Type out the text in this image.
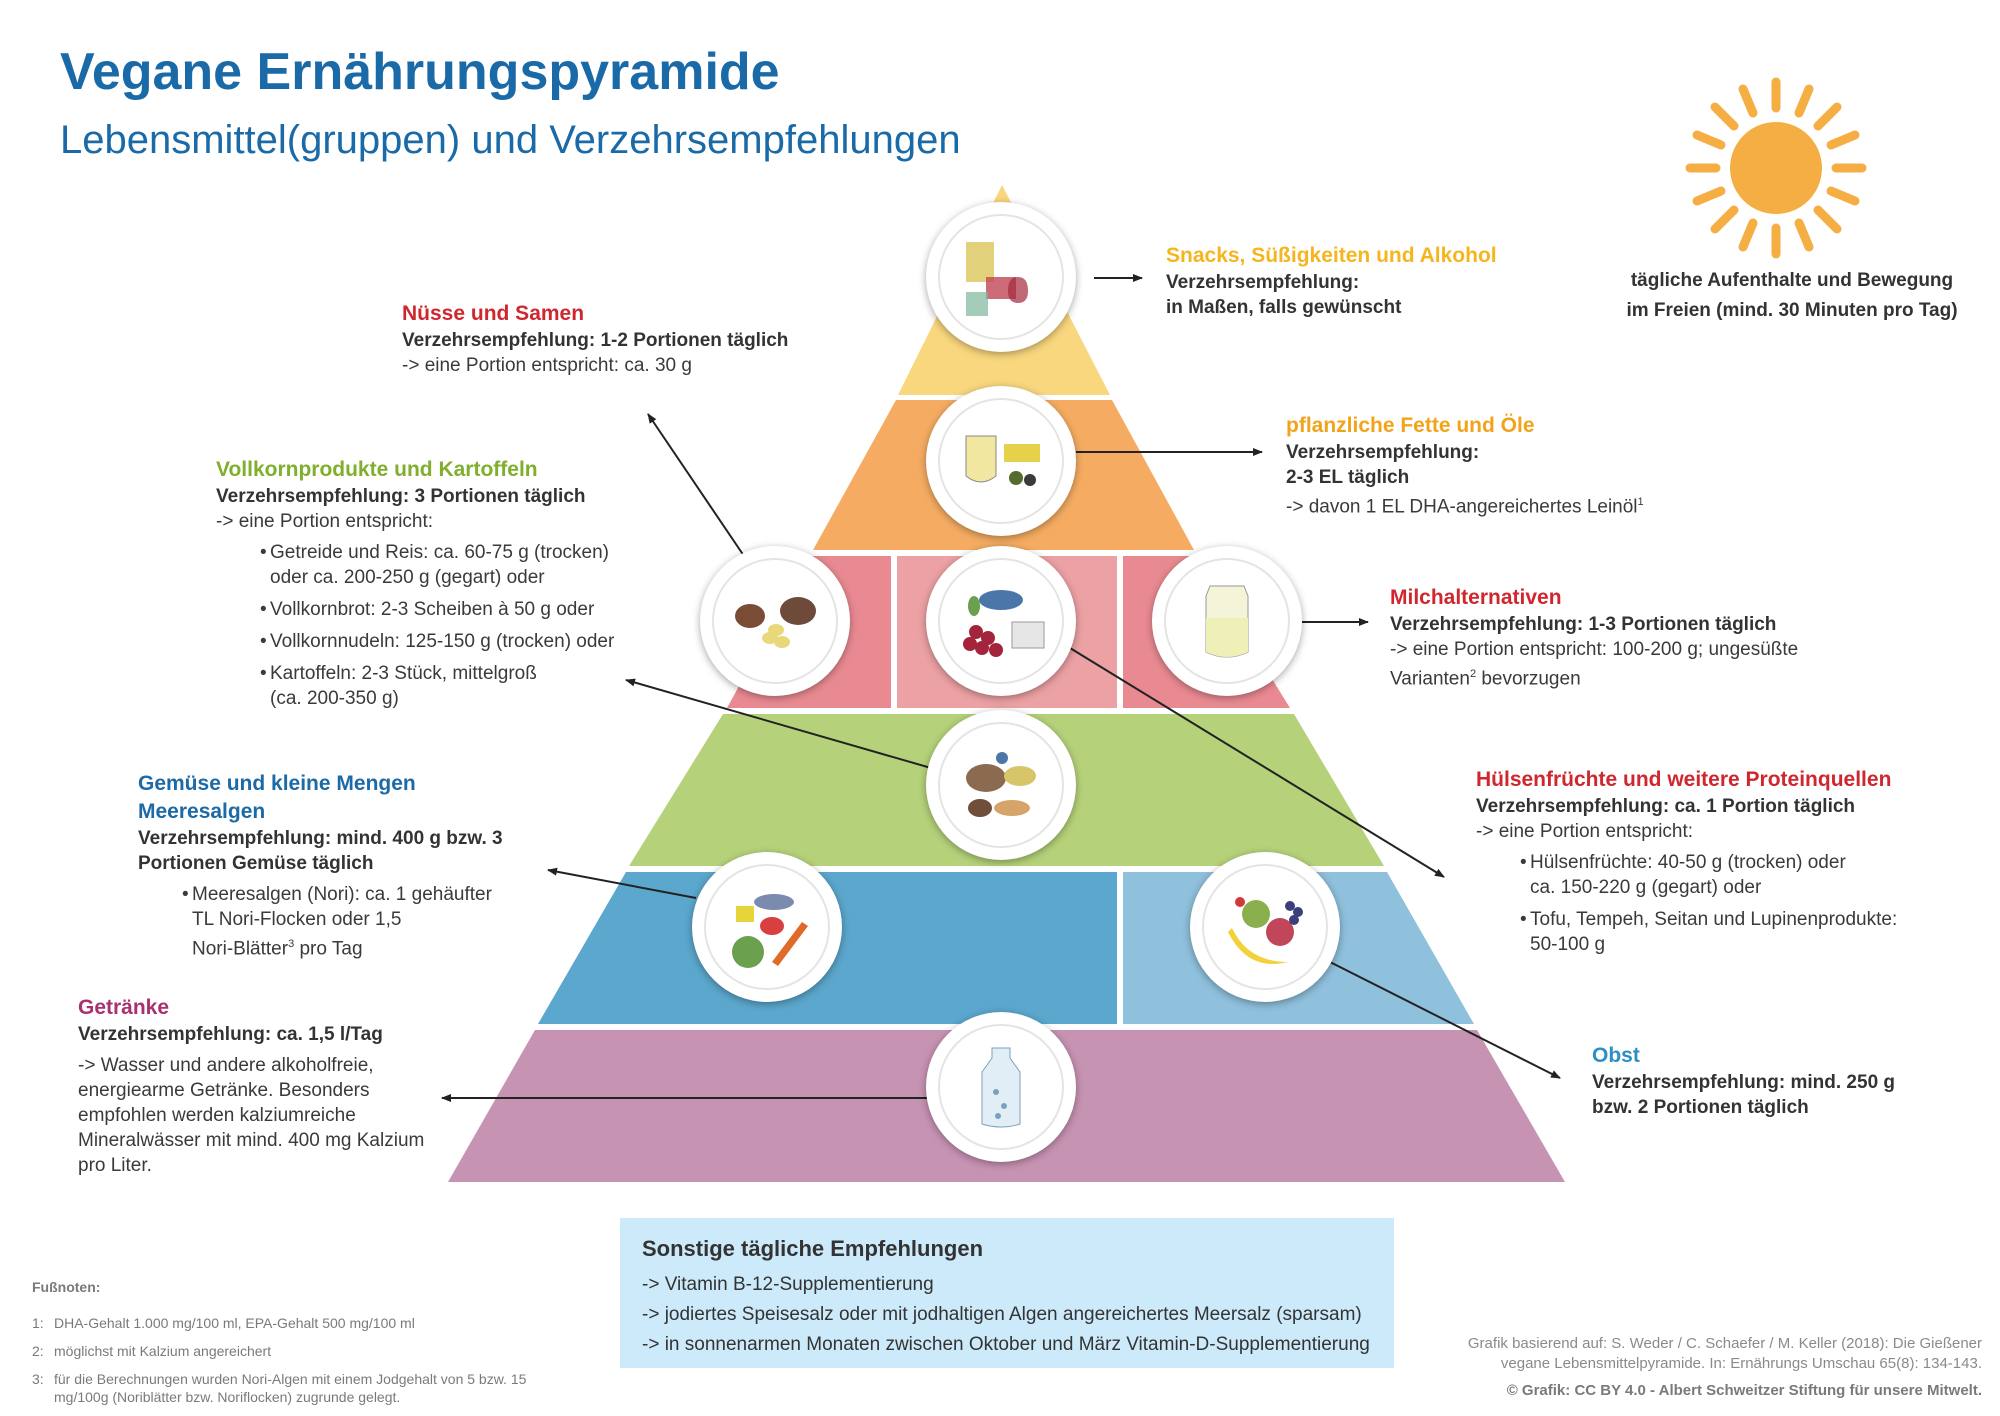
Vegane Ernährungspyramide
Lebensmittel(gruppen) und Verzehrsempfehlungen
tägliche Aufenthalte und Bewegung
im Freien (mind. 30 Minuten pro Tag)
Snacks, Süßigkeiten und Alkohol
Verzehrsempfehlung:
in Maßen, falls gewünscht
Nüsse und Samen
Verzehrsempfehlung: 1-2 Portionen täglich
-> eine Portion entspricht: ca. 30 g
pflanzliche Fette und Öle
Verzehrsempfehlung:
2-3 EL täglich
-> davon 1 EL DHA-angereichertes Leinöl$^1$
Vollkornprodukte und Kartoffeln
Verzehrsempfehlung: 3 Portionen täglich
-> eine Portion entspricht:
• Getreide und Reis: ca. 60-75 g (trocken)
oder ca. 200-250 g (gegart) oder
• Vollkornbrot: 2-3 Scheiben à 50 g oder
• Vollkornnudeln: 125-150 g (trocken) oder
• Kartoffeln: 2-3 Stück, mittelgroß
(ca. 200-350 g)
Milchalternativen
Verzehrsempfehlung: 1-3 Portionen täglich
-> eine Portion entspricht: 100-200 g; ungesüßte
Varianten$^2$ bevorzugen
Gemüse und kleine Mengen
Meeresalgen
Verzehrsempfehlung: mind. 400 g bzw. 3
Portionen Gemüse täglich
• Meeresalgen (Nori): ca. 1 gehäufter
TL Nori-Flocken oder 1,5
Nori-Blätter$^3$ pro Tag
Hülsenfrüchte und weitere Proteinquellen
Verzehrsempfehlung: ca. 1 Portion täglich
-> eine Portion entspricht:
• Hülsenfrüchte: 40-50 g (trocken) oder
ca. 150-220 g (gegart) oder
• Tofu, Tempeh, Seitan und Lupinenprodukte:
50-100 g
Getränke
Verzehrsempfehlung: ca. 1,5 l/Tag
-> Wasser und andere alkoholfreie,
energiearme Getränke. Besonders
empfohlen werden kalziumreiche
Mineralwässer mit mind. 400 mg Kalzium
pro Liter.
Obst
Verzehrsempfehlung: mind. 250 g
bzw. 2 Portionen täglich
Sonstige tägliche Empfehlungen
-> Vitamin B-12-Supplementierung
-> jodiertes Speisesalz oder mit jodhaltigen Algen angereichertes Meersalz (sparsam)
-> in sonnenarmen Monaten zwischen Oktober und März Vitamin-D-Supplementierung
Fußnoten:
1: DHA-Gehalt 1.000 mg/100 ml, EPA-Gehalt 500 mg/100 ml
2: möglichst mit Kalzium angereichert
3: für die Berechnungen wurden Nori-Algen mit einem Jodgehalt von 5 bzw. 15 mg/100g (Noriblätter bzw. Noriflocken) zugrunde gelegt.
Grafik basierend auf: S. Weder / C. Schaefer / M. Keller (2018): Die Gießener
vegane Lebensmittelpyramide. In: Ernährungs Umschau 65(8): 134-143.
© Grafik: CC BY 4.0 - Albert Schweitzer Stiftung für unsere Mitwelt.
